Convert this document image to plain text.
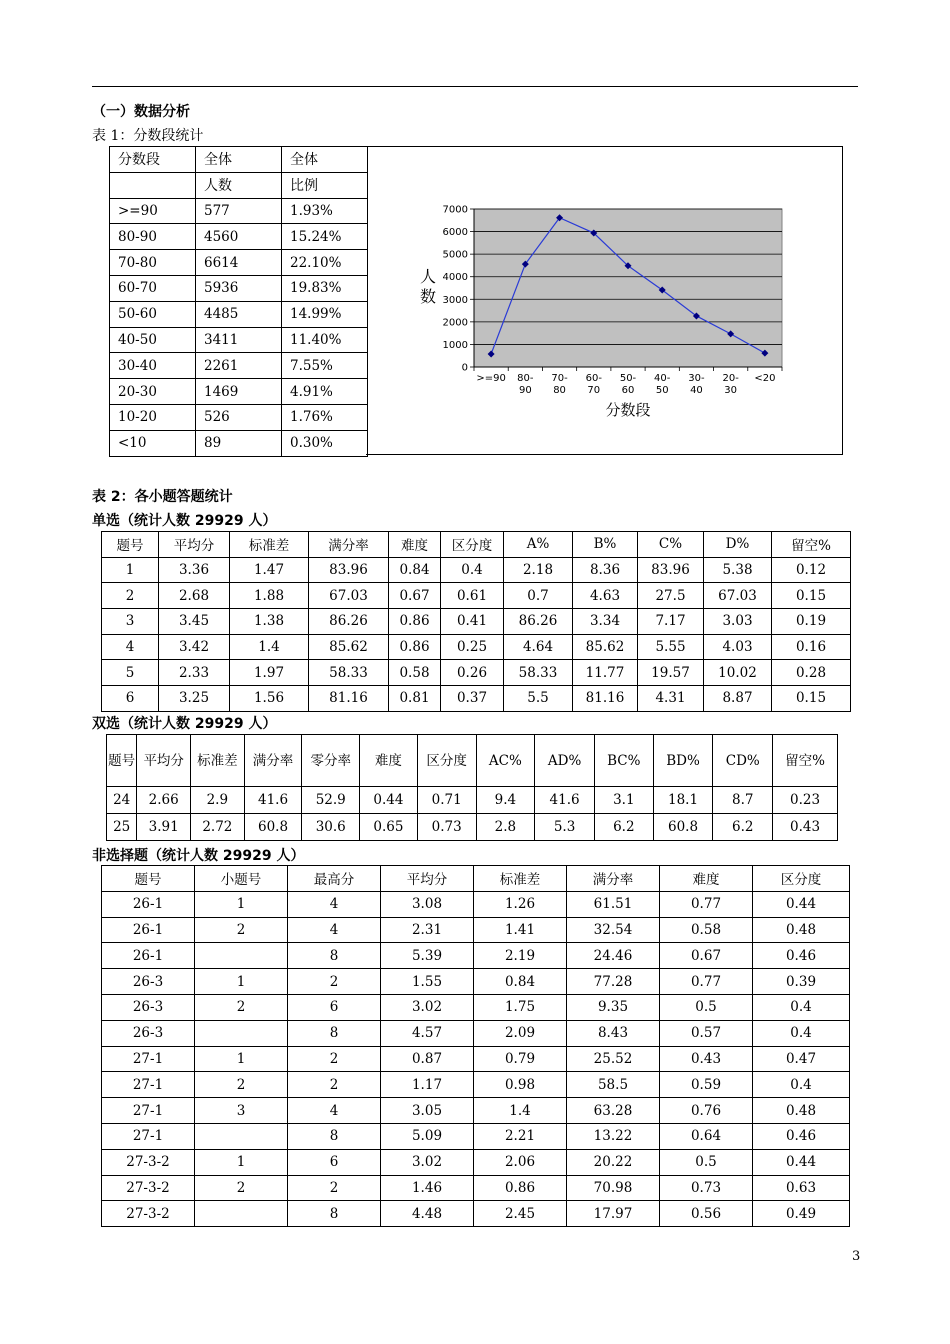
（一）数据分析
表 1：分数段统计
分数段	全体	全体
	人数	比例
>=90	577	1.93%
80-90	4560	15.24%
70-80	6614	22.10%
60-70	5936	19.83%
50-60	4485	14.99%
40-50	3411	11.40%
30-40	2261	7.55%
20-30	1469	4.91%
10-20	526	1.76%
<10	89	0.30%
0
1000
2000
3000
4000
5000
6000
7000
>=90 80-
90
70-
80
60-
70
50-
60
40-
50
30-
40
20-
30
<20
分数段
人
数
表 2：各小题答题统计
单选（统计人数 29929 人）
题号	平均分	标准差	满分率	难度	区分度	A%	B%	C%	D%	留空%
1	3.36	1.47	83.96	0.84	0.4	2.18	8.36	83.96	5.38	0.12
2	2.68	1.88	67.03	0.67	0.61	0.7	4.63	27.5	67.03	0.15
3	3.45	1.38	86.26	0.86	0.41	86.26	3.34	7.17	3.03	0.19
4	3.42	1.4	85.62	0.86	0.25	4.64	85.62	5.55	4.03	0.16
5	2.33	1.97	58.33	0.58	0.26	58.33	11.77	19.57	10.02	0.28
6	3.25	1.56	81.16	0.81	0.37	5.5	81.16	4.31	8.87	0.15
双选（统计人数 29929 人）
题号	平均分	标准差	满分率	零分率	难度	区分度	AC%	AD%	BC%	BD%	CD%	留空%
24	2.66	2.9	41.6	52.9	0.44	0.71	9.4	41.6	3.1	18.1	8.7	0.23
25	3.91	2.72	60.8	30.6	0.65	0.73	2.8	5.3	6.2	60.8	6.2	0.43
非选择题（统计人数 29929 人）
题号	小题号	最高分	平均分	标准差	满分率	难度	区分度
26-1	1	4	3.08	1.26	61.51	0.77	0.44
26-1	2	4	2.31	1.41	32.54	0.58	0.48
26-1		8	5.39	2.19	24.46	0.67	0.46
26-3	1	2	1.55	0.84	77.28	0.77	0.39
26-3	2	6	3.02	1.75	9.35	0.5	0.4
26-3		8	4.57	2.09	8.43	0.57	0.4
27-1	1	2	0.87	0.79	25.52	0.43	0.47
27-1	2	2	1.17	0.98	58.5	0.59	0.4
27-1	3	4	3.05	1.4	63.28	0.76	0.48
27-1		8	5.09	2.21	13.22	0.64	0.46
27-3-2	1	6	3.02	2.06	20.22	0.5	0.44
27-3-2	2	2	1.46	0.86	70.98	0.73	0.63
27-3-2		8	4.48	2.45	17.97	0.56	0.49
3
